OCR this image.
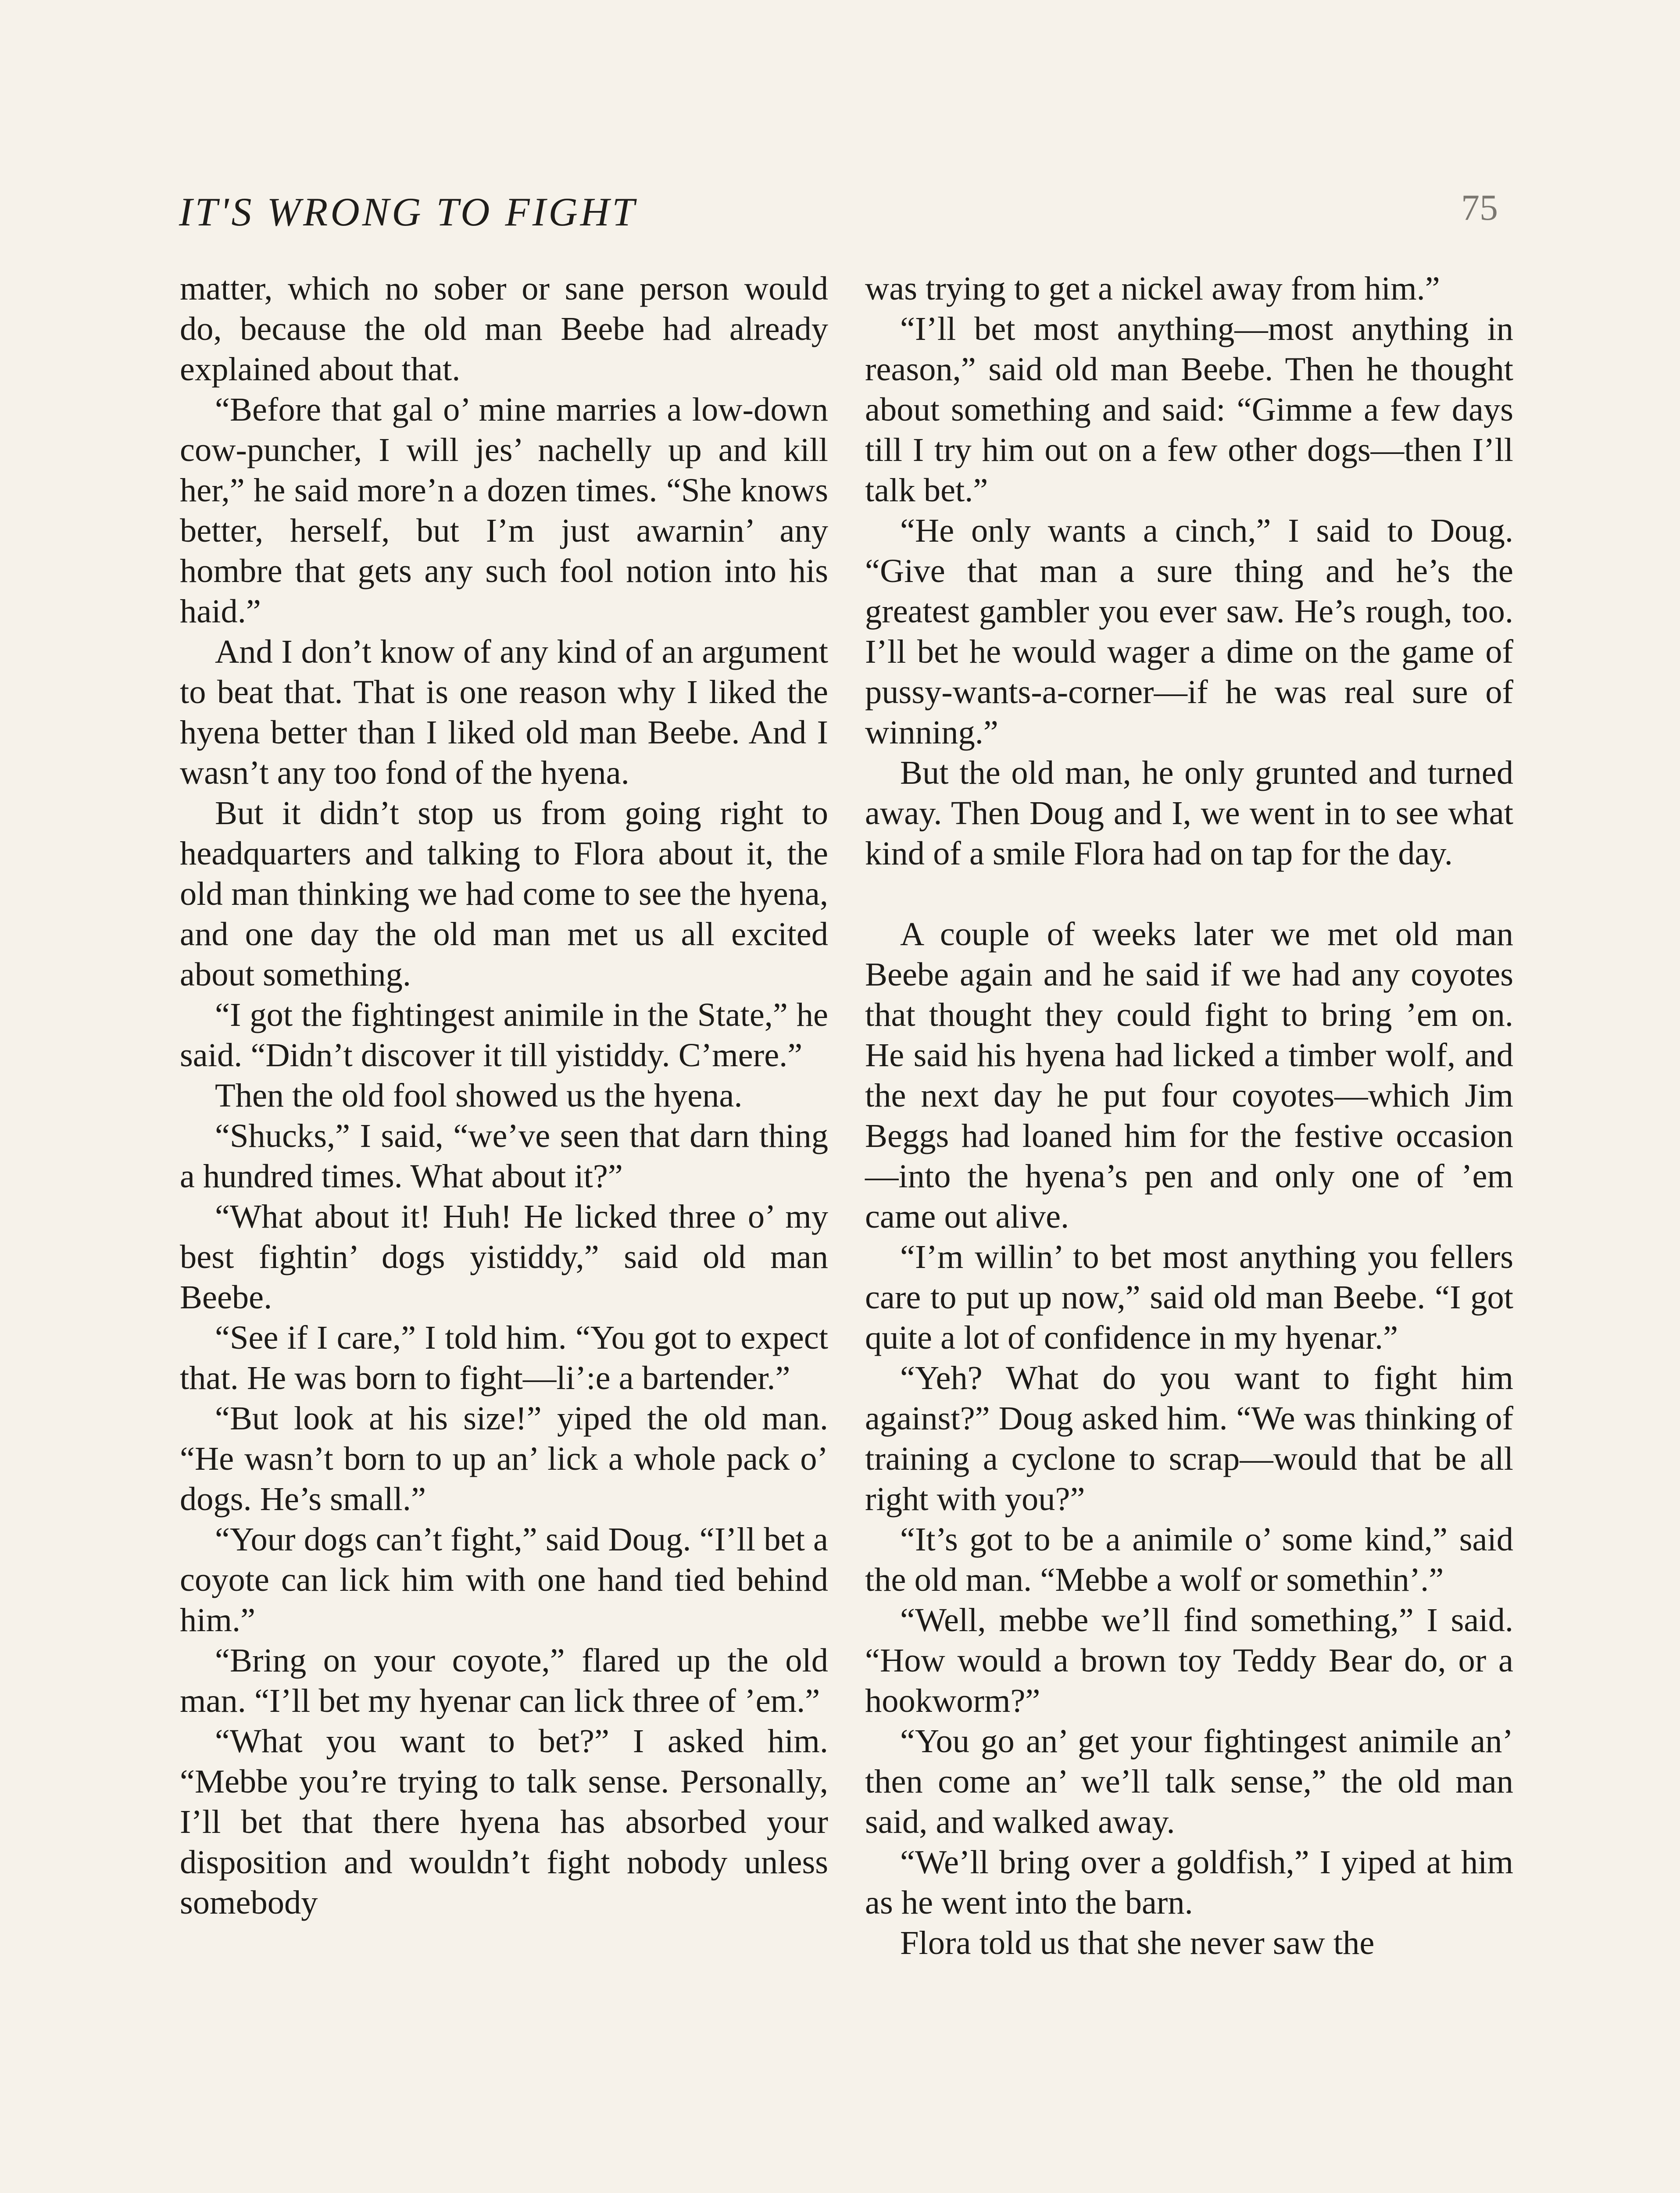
IT'S WRONG TO FIGHT	75

matter, which no sober or sane person would do, because the old man Beebe had already explained about that.

“Before that gal o’ mine marries a low-down cow-puncher, I will jes’ nachelly up and kill her,” he said more’n a dozen times. “She knows better, herself, but I’m just awarnin’ any hombre that gets any such fool notion into his haid.”

And I don’t know of any kind of an argument to beat that. That is one reason why I liked the hyena better than I liked old man Beebe. And I wasn’t any too fond of the hyena.

But it didn’t stop us from going right to headquarters and talking to Flora about it, the old man thinking we had come to see the hyena, and one day the old man met us all excited about something.

“I got the fightingest animile in the State,” he said. “Didn’t discover it till yistiddy. C’mere.”

Then the old fool showed us the hyena.

“Shucks,” I said, “we’ve seen that darn thing a hundred times. What about it?”

“What about it! Huh! He licked three o’ my best fightin’ dogs yistiddy,” said old man Beebe.

“See if I care,” I told him. “You got to expect that. He was born to fight—li’:e a bartender.”

“But look at his size!” yiped the old man. “He wasn’t born to up an’ lick a whole pack o’ dogs. He’s small.”

“Your dogs can’t fight,” said Doug. “I’ll bet a coyote can lick him with one hand tied behind him.”

“Bring on your coyote,” flared up the old man. “I’ll bet my hyenar can lick three of ’em.”

“What you want to bet?” I asked him. “Mebbe you’re trying to talk sense. Personally, I’ll bet that there hyena has absorbed your disposition and wouldn’t fight nobody unless somebody

was trying to get a nickel away from him.”

“I’ll bet most anything—most anything in reason,” said old man Beebe. Then he thought about something and said: “Gimme a few days till I try him out on a few other dogs—then I’ll talk bet.”

“He only wants a cinch,” I said to Doug. “Give that man a sure thing and he’s the greatest gambler you ever saw. He’s rough, too. I’ll bet he would wager a dime on the game of pussy-wants-a-corner—if he was real sure of winning.”

But the old man, he only grunted and turned away. Then Doug and I, we went in to see what kind of a smile Flora had on tap for the day.

A couple of weeks later we met old man Beebe again and he said if we had any coyotes that thought they could fight to bring ’em on. He said his hyena had licked a timber wolf, and the next day he put four coyotes—which Jim Beggs had loaned him for the festive occasion—into the hyena’s pen and only one of ’em came out alive.

“I’m willin’ to bet most anything you fellers care to put up now,” said old man Beebe. “I got quite a lot of confidence in my hyenar.”

“Yeh? What do you want to fight him against?” Doug asked him. “We was thinking of training a cyclone to scrap—would that be all right with you?”

“It’s got to be a animile o’ some kind,” said the old man. “Mebbe a wolf or somethin’.”

“Well, mebbe we’ll find something,” I said. “How would a brown toy Teddy Bear do, or a hookworm?”

“You go an’ get your fightingest animile an’ then come an’ we’ll talk sense,” the old man said, and walked away.

“We’ll bring over a goldfish,” I yiped at him as he went into the barn.

Flora told us that she never saw the
